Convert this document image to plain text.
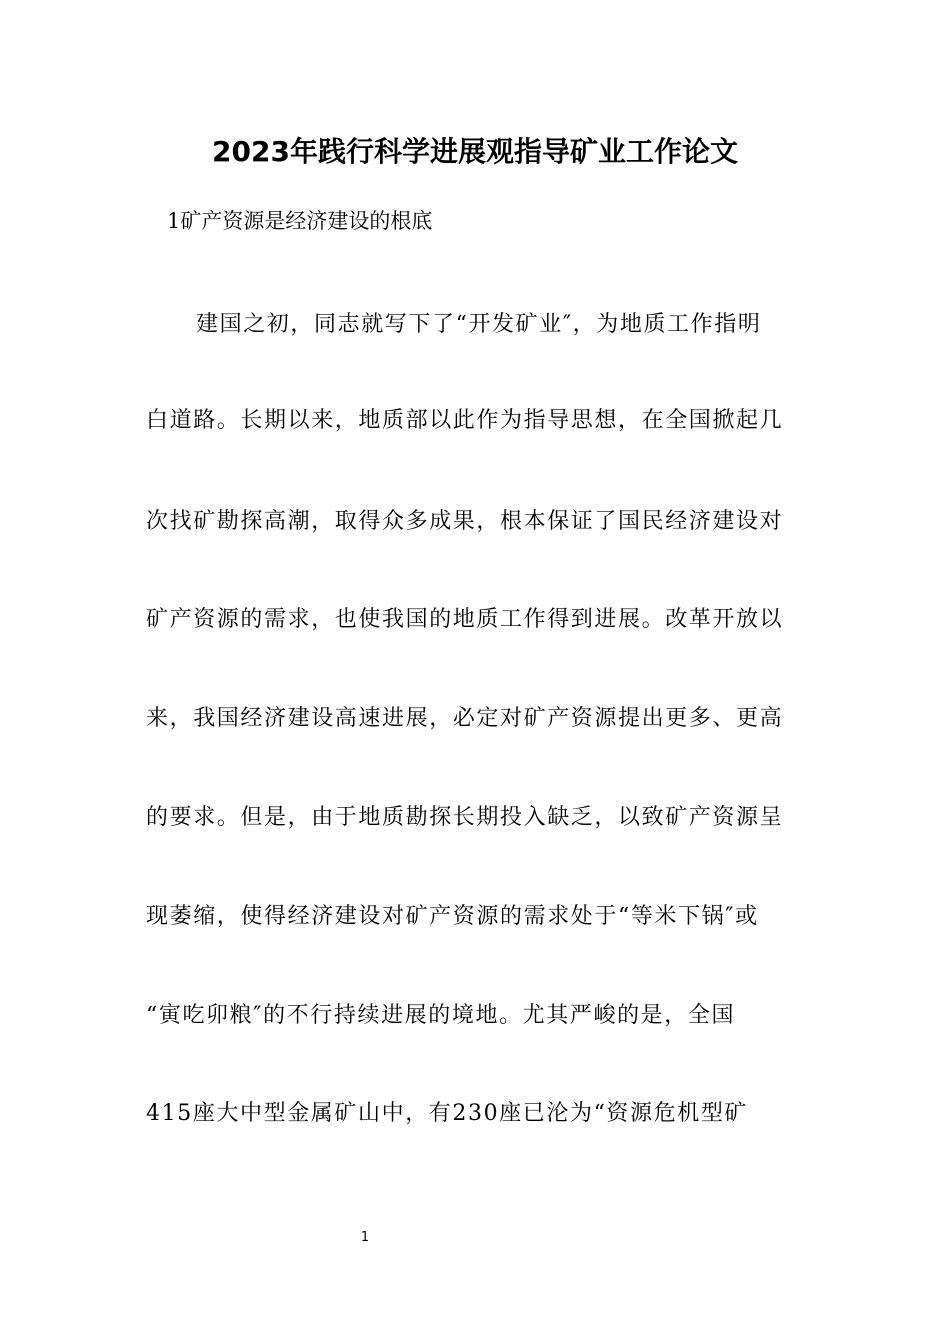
2023年践行科学进展观指导矿业工作论文

1矿产资源是经济建设的根底

建国之初，同志就写下了“开发矿业″，为地质工作指明

白道路。长期以来，地质部以此作为指导思想，在全国掀起几

次找矿勘探高潮，取得众多成果，根本保证了国民经济建设对

矿产资源的需求，也使我国的地质工作得到进展。改革开放以

来，我国经济建设高速进展，必定对矿产资源提出更多、更高

的要求。但是，由于地质勘探长期投入缺乏，以致矿产资源呈

现萎缩，使得经济建设对矿产资源的需求处于“等米下锅″或

“寅吃卯粮″的不行持续进展的境地。尤其严峻的是，全国

415座大中型金属矿山中，有230座已沦为“资源危机型矿

1
